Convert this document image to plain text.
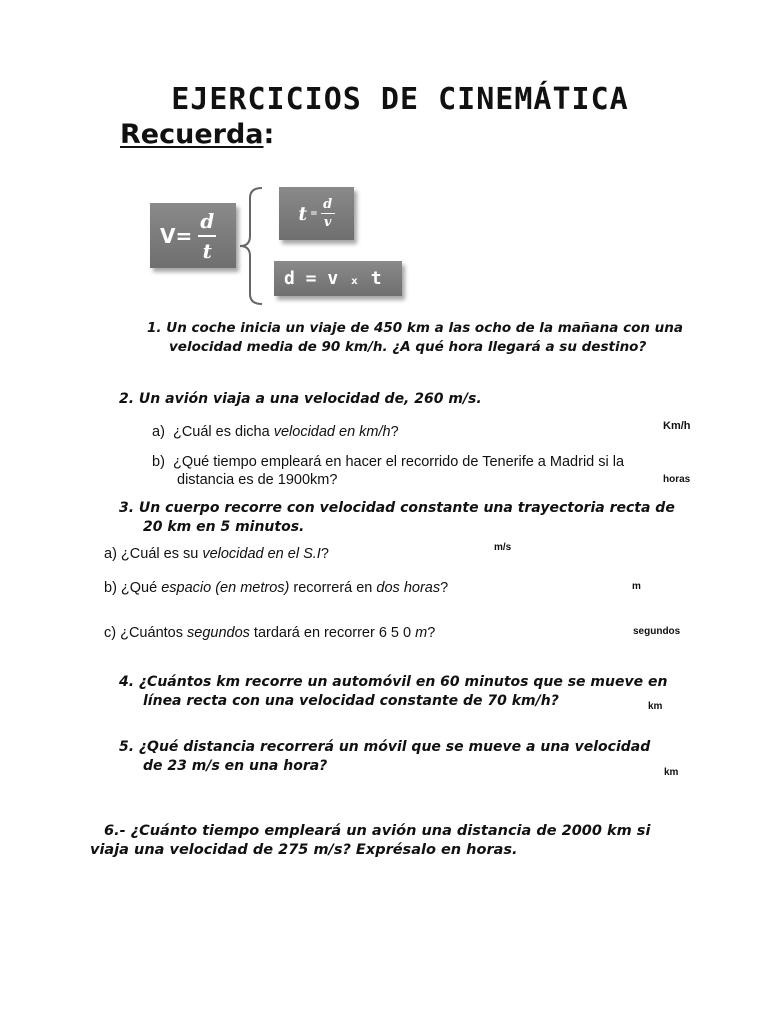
EJERCICIOS DE CINEMÁTICA
Recuerda:
$V= \frac{d}{t}$	$t = \frac{d}{v}$
d = v ₓ t
1. Un coche inicia un viaje de 450 km a las ocho de la mañana con una
velocidad media de 90 km/h. ¿A qué hora llegará a su destino?
2. Un avión viaja a una velocidad de, 260 m/s.
a) ¿Cuál es dicha velocidad en km/h?	Km/h
b) ¿Qué tiempo empleará en hacer el recorrido de Tenerife a Madrid si la
distancia es de 1900km?	horas
3. Un cuerpo recorre con velocidad constante una trayectoria recta de
20 km en 5 minutos.
a) ¿Cuál es su velocidad en el S.I?	m/s
b) ¿Qué espacio (en metros) recorrerá en dos horas?	m
c) ¿Cuántos segundos tardará en recorrer 6 5 0 m?	segundos
4. ¿Cuántos km recorre un automóvil en 60 minutos que se mueve en
línea recta con una velocidad constante de 70 km/h?	km
5. ¿Qué distancia recorrerá un móvil que se mueve a una velocidad
de 23 m/s en una hora?	km
6.- ¿Cuánto tiempo empleará un avión una distancia de 2000 km si
viaja una velocidad de 275 m/s? Exprésalo en horas.
